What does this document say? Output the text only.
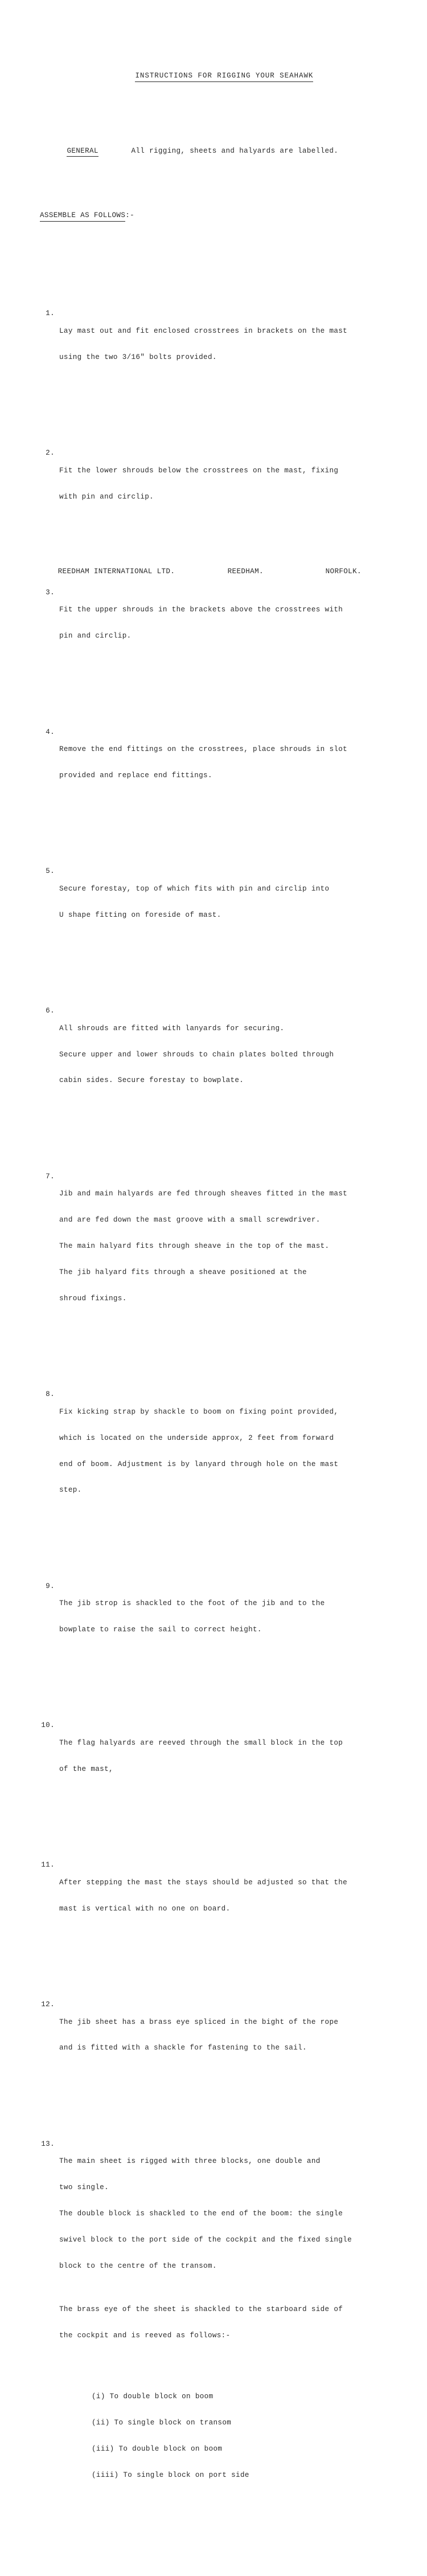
INSTRUCTIONS FOR RIGGING YOUR SEAHAWK

GENERAL	All rigging, sheets and halyards are labelled.

ASSEMBLE AS FOLLOWS:-

1.

Lay mast out and fit enclosed crosstrees in brackets on the mast

using the two 3/16" bolts provided.

2.

Fit the lower shrouds below the crosstrees on the mast, fixing

with pin and circlip.

3.

Fit the upper shrouds in the brackets above the crosstrees with

pin and circlip.

4.

Remove the end fittings on the crosstrees, place shrouds in slot

provided and replace end fittings.

5.

Secure forestay, top of which fits with pin and circlip into

U shape fitting on foreside of mast.

6.

All shrouds are fitted with lanyards for securing.

Secure upper and lower shrouds to chain plates bolted through

cabin sides. Secure forestay to bowplate.

7.

Jib and main halyards are fed through sheaves fitted in the mast

and are fed down the mast groove with a small screwdriver.

The main halyard fits through sheave in the top of the mast.

The jib halyard fits through a sheave positioned at the

shroud fixings.

8.

Fix kicking strap by shackle to boom on fixing point provided,

which is located on the underside approx, 2 feet from forward

end of boom. Adjustment is by lanyard through hole on the mast

step.

9.

The jib strop is shackled to the foot of the jib and to the

bowplate to raise the sail to correct height.

10.

The flag halyards are reeved through the small block in the top

of the mast,

11.

After stepping the mast the stays should be adjusted so that the

mast is vertical with no one on board.

12.

The jib sheet has a brass eye spliced in the bight of the rope

and is fitted with a shackle for fastening to the sail.

13.

The main sheet is rigged with three blocks, one double and

two single.

The double block is shackled to the end of the boom: the single

swivel block to the port side of the cockpit and the fixed single

block to the centre of the transom.

The brass eye of the sheet is shackled to the starboard side of

the cockpit and is reeved as follows:-

(i) To double block on boom

(ii) To single block on transom

(iii) To double block on boom

(iiii) To single block on port side

REEDHAM INTERNATIONAL LTD.	REEDHAM.	NORFOLK.
